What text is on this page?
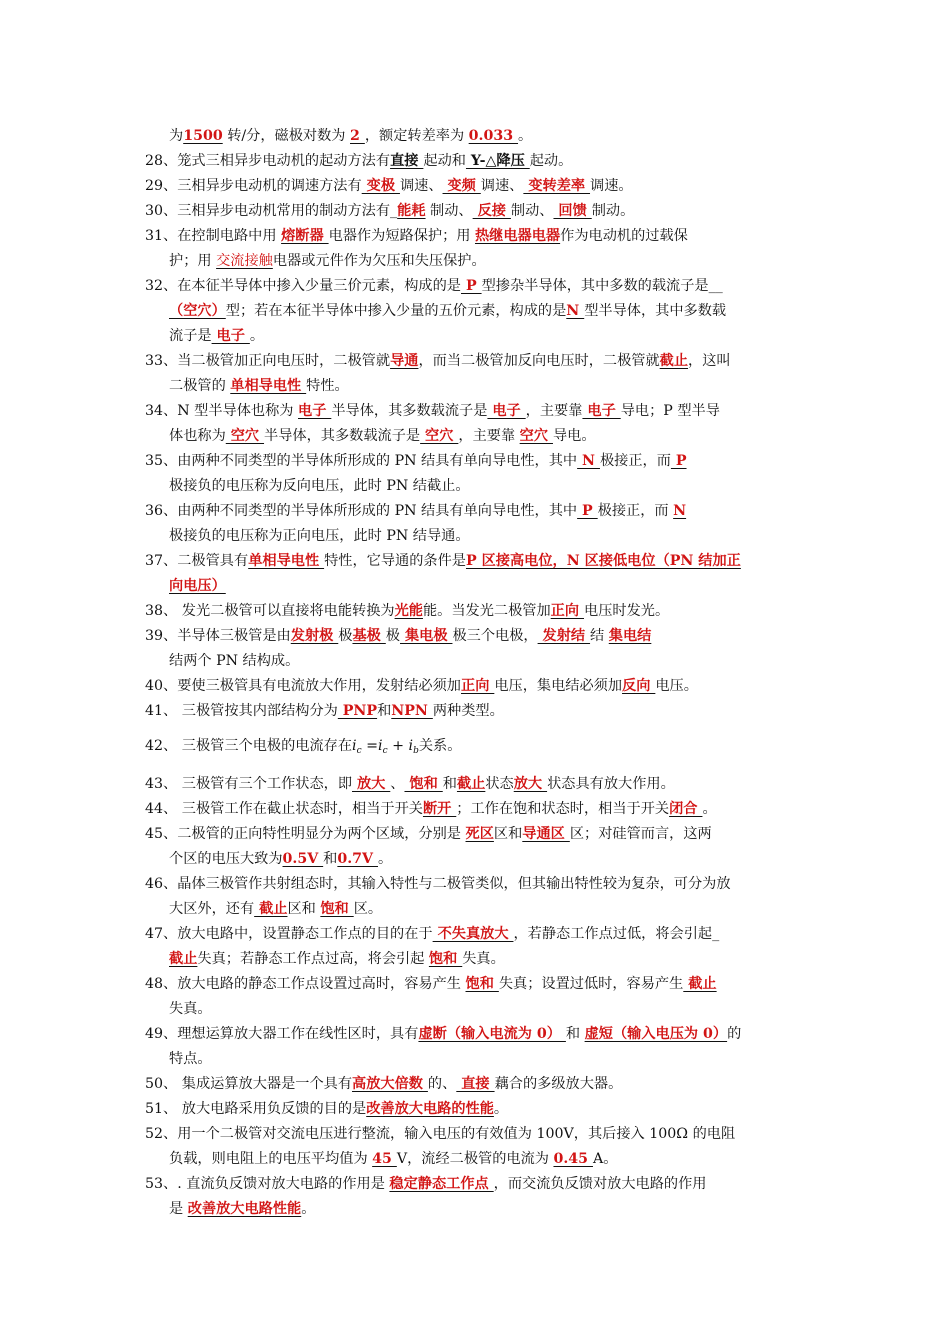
为1500 转/分，磁极对数为 2 ，额定转差率为 0.033 。
28、笼式三相异步电动机的起动方法有直接 起动和 Y-△降压 起动。
29、三相异步电动机的调速方法有 变极 调速、 变频 调速、 变转差率 调速。
30、三相异步电动机常用的制动方法有_能耗 制动、 反接 制动、 回馈 制动。
31、在控制电路中用 熔断器 电器作为短路保护；用 热继电器电器作为电动机的过载保
护；用 交流接触电器或元件作为欠压和失压保护。
32、在本征半导体中掺入少量三价元素，构成的是 P 型掺杂半导体，其中多数的载流子是__
（空穴）型；若在本征半导体中掺入少量的五价元素，构成的是N 型半导体，其中多数载
流子是 电子 。
33、当二极管加正向电压时，二极管就导通，而当二极管加反向电压时，二极管就截止，这叫
二极管的 单相导电性 特性。
34、N 型半导体也称为 电子 半导体，其多数载流子是 电子 ，主要靠 电子 导电；P 型半导
体也称为 空穴 半导体，其多数载流子是 空穴 ，主要靠 空穴 导电。
35、由两种不同类型的半导体所形成的 PN 结具有单向导电性，其中 N 极接正，而 P
极接负的电压称为反向电压，此时 PN 结截止。
36、由两种不同类型的半导体所形成的 PN 结具有单向导电性，其中 P 极接正，而 N
极接负的电压称为正向电压，此时 PN 结导通。
37、二极管具有单相导电性 特性，它导通的条件是P 区接高电位，N 区接低电位（PN 结加正
向电压）
38、 发光二极管可以直接将电能转换为光能能。当发光二极管加正向 电压时发光。
39、半导体三极管是由发射极 极基极 极 集电极 极三个电极， 发射结 结 集电结
结两个 PN 结构成。
40、要使三极管具有电流放大作用，发射结必须加正向 电压，集电结必须加反向 电压。
41、 三极管按其内部结构分为 PNP和NPN 两种类型。
42、 三极管三个电极的电流存在$i_c =i_c + i_b$关系。
43、 三极管有三个工作状态，即 放大 、 饱和 和截止状态放大 状态具有放大作用。
44、 三极管工作在截止状态时，相当于开关断开 ；工作在饱和状态时，相当于开关闭合 。
45、二极管的正向特性明显分为两个区域，分别是 死区区和导通区 区；对硅管而言，这两
个区的电压大致为0.5V 和0.7V 。
46、晶体三极管作共射组态时，其输入特性与二极管类似，但其输出特性较为复杂，可分为放
大区外，还有 截止区和 饱和 区。
47、放大电路中，设置静态工作点的目的在于 不失真放大 ，若静态工作点过低，将会引起_
截止失真；若静态工作点过高，将会引起 饱和 失真。
48、放大电路的静态工作点设置过高时，容易产生 饱和 失真；设置过低时，容易产生 截止
失真。
49、理想运算放大器工作在线性区时，具有虚断（输入电流为 0） 和 虚短（输入电压为 0）的
特点。
50、 集成运算放大器是一个具有高放大倍数 的、 直接 藕合的多级放大器。
51、 放大电路采用负反馈的目的是改善放大电路的性能。
52、用一个二极管对交流电压进行整流，输入电压的有效值为 100V，其后接入 100Ω 的电阻
负载，则电阻上的电压平均值为 45 V，流经二极管的电流为 0.45 A。
53、. 直流负反馈对放大电路的作用是 稳定静态工作点 ，而交流负反馈对放大电路的作用
是 改善放大电路性能。
